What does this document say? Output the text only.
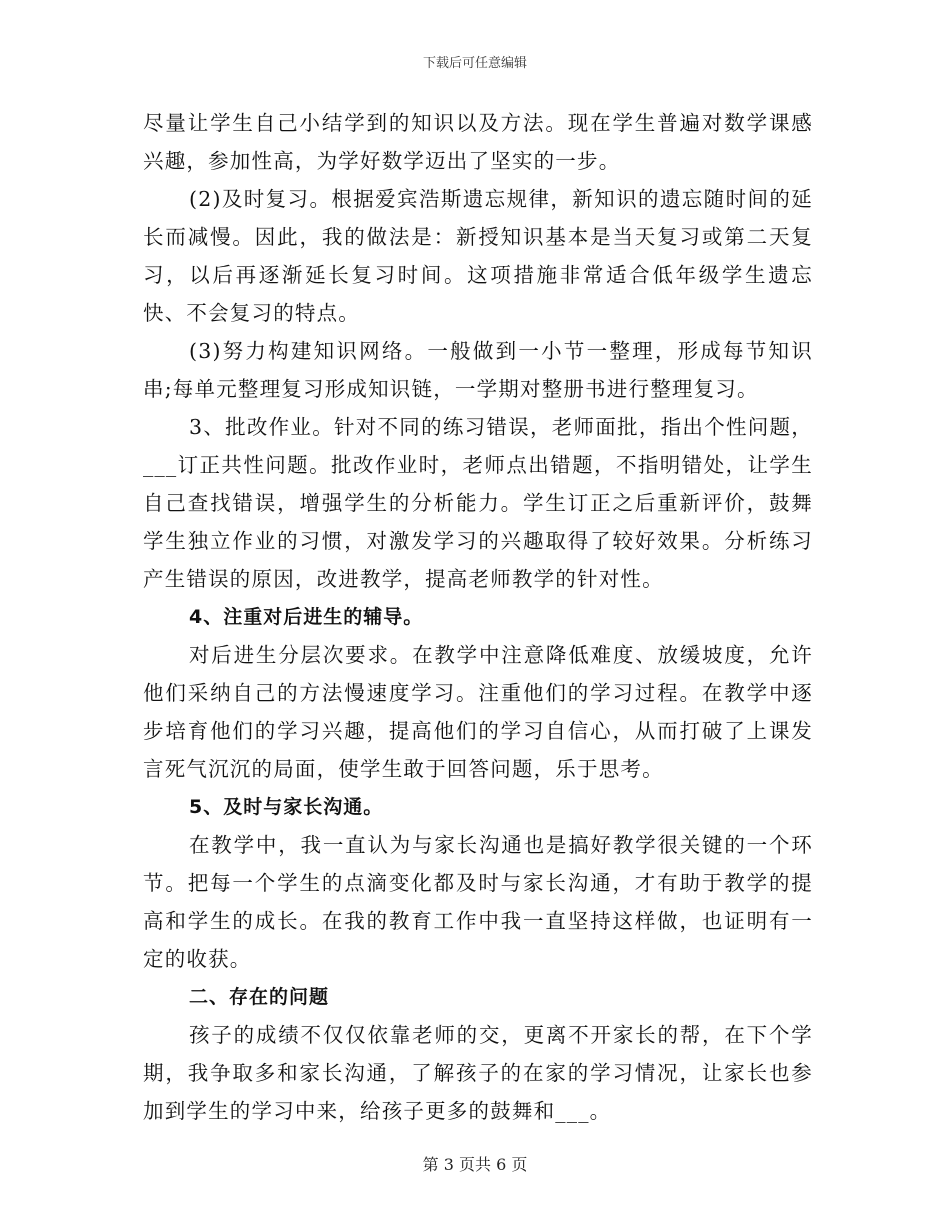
下载后可任意编辑

尽量让学生自己小结学到的知识以及方法。现在学生普遍对数学课感兴趣，参加性高，为学好数学迈出了坚实的一步。

(2)及时复习。根据爱宾浩斯遗忘规律，新知识的遗忘随时间的延长而减慢。因此，我的做法是：新授知识基本是当天复习或第二天复习，以后再逐渐延长复习时间。这项措施非常适合低年级学生遗忘快、不会复习的特点。

(3)努力构建知识网络。一般做到一小节一整理，形成每节知识串;每单元整理复习形成知识链，一学期对整册书进行整理复习。

3、批改作业。针对不同的练习错误，老师面批，指出个性问题，___订正共性问题。批改作业时，老师点出错题，不指明错处，让学生自己查找错误，增强学生的分析能力。学生订正之后重新评价，鼓舞学生独立作业的习惯，对激发学习的兴趣取得了较好效果。分析练习产生错误的原因，改进教学，提高老师教学的针对性。

4、注重对后进生的辅导。

对后进生分层次要求。在教学中注意降低难度、放缓坡度，允许他们采纳自己的方法慢速度学习。注重他们的学习过程。在教学中逐步培育他们的学习兴趣，提高他们的学习自信心，从而打破了上课发言死气沉沉的局面，使学生敢于回答问题，乐于思考。

5、及时与家长沟通。

在教学中，我一直认为与家长沟通也是搞好教学很关键的一个环节。把每一个学生的点滴变化都及时与家长沟通，才有助于教学的提高和学生的成长。在我的教育工作中我一直坚持这样做，也证明有一定的收获。

二、存在的问题

孩子的成绩不仅仅依靠老师的交，更离不开家长的帮，在下个学期，我争取多和家长沟通，了解孩子的在家的学习情况，让家长也参加到学生的学习中来，给孩子更多的鼓舞和___。

第 3 页共 6 页
